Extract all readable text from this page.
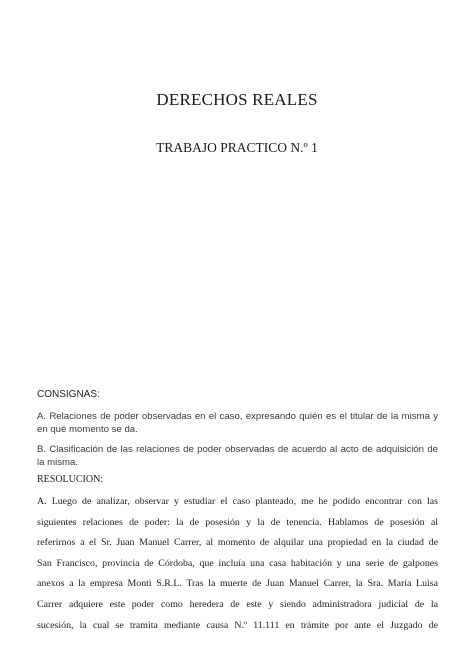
DERECHOS REALES
TRABAJO PRACTICO N.º 1

CONSIGNAS:

A. Relaciones de poder observadas en el caso, expresando quién es el titular de la misma y en qué momento se da.

B. Clasificación de las relaciones de poder observadas de acuerdo al acto de adquisición de la misma.

RESOLUCION:

A. Luego de analizar, observar y estudiar el caso planteado, me he podido encontrar con las
siguientes relaciones de poder: la de posesión y la de tenencia. Hablamos de posesión al
referirnos a el Sr. Juan Manuel Carrer, al momento de alquilar una propiedad en la ciudad de
San Francisco, provincia de Córdoba, que incluía una casa habitación y una serie de galpones
anexos a la empresa Monti S.R.L. Tras la muerte de Juan Manuel Carrer, la Sra. María Luisa
Carrer adquiere este poder como heredera de este y siendo administradora judicial de la
sucesión, la cual se tramita mediante causa N.º 11.111 en trámite por ante el Juzgado de
